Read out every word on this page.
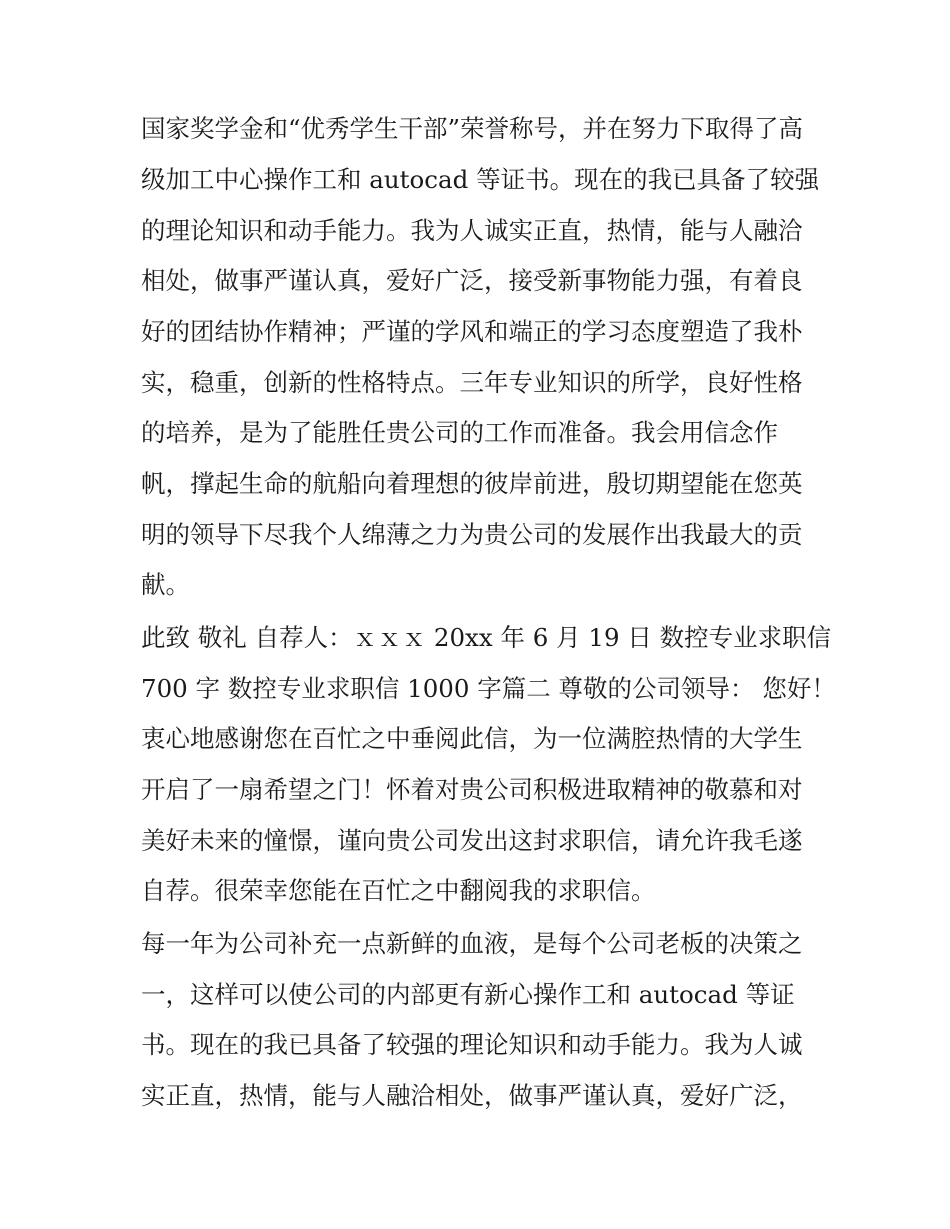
国家奖学金和“优秀学生干部”荣誉称号，并在努力下取得了高
级加工中心操作工和 autocad 等证书。现在的我已具备了较强
的理论知识和动手能力。我为人诚实正直，热情，能与人融洽
相处，做事严谨认真，爱好广泛，接受新事物能力强，有着良
好的团结协作精神；严谨的学风和端正的学习态度塑造了我朴
实，稳重，创新的性格特点。三年专业知识的所学，良好性格
的培养，是为了能胜任贵公司的工作而准备。我会用信念作
帆，撑起生命的航船向着理想的彼岸前进，殷切期望能在您英
明的领导下尽我个人绵薄之力为贵公司的发展作出我最大的贡
献。
此致 敬礼 自荐人：ｘｘｘ 20xx 年 6 月 19 日 数控专业求职信
700 字 数控专业求职信 1000 字篇二 尊敬的公司领导： 您好！
衷心地感谢您在百忙之中垂阅此信，为一位满腔热情的大学生
开启了一扇希望之门！怀着对贵公司积极进取精神的敬慕和对
美好未来的憧憬，谨向贵公司发出这封求职信，请允许我毛遂
自荐。很荣幸您能在百忙之中翻阅我的求职信。
每一年为公司补充一点新鲜的血液，是每个公司老板的决策之
一，这样可以使公司的内部更有新心操作工和 autocad 等证
书。现在的我已具备了较强的理论知识和动手能力。我为人诚
实正直，热情，能与人融洽相处，做事严谨认真，爱好广泛，
